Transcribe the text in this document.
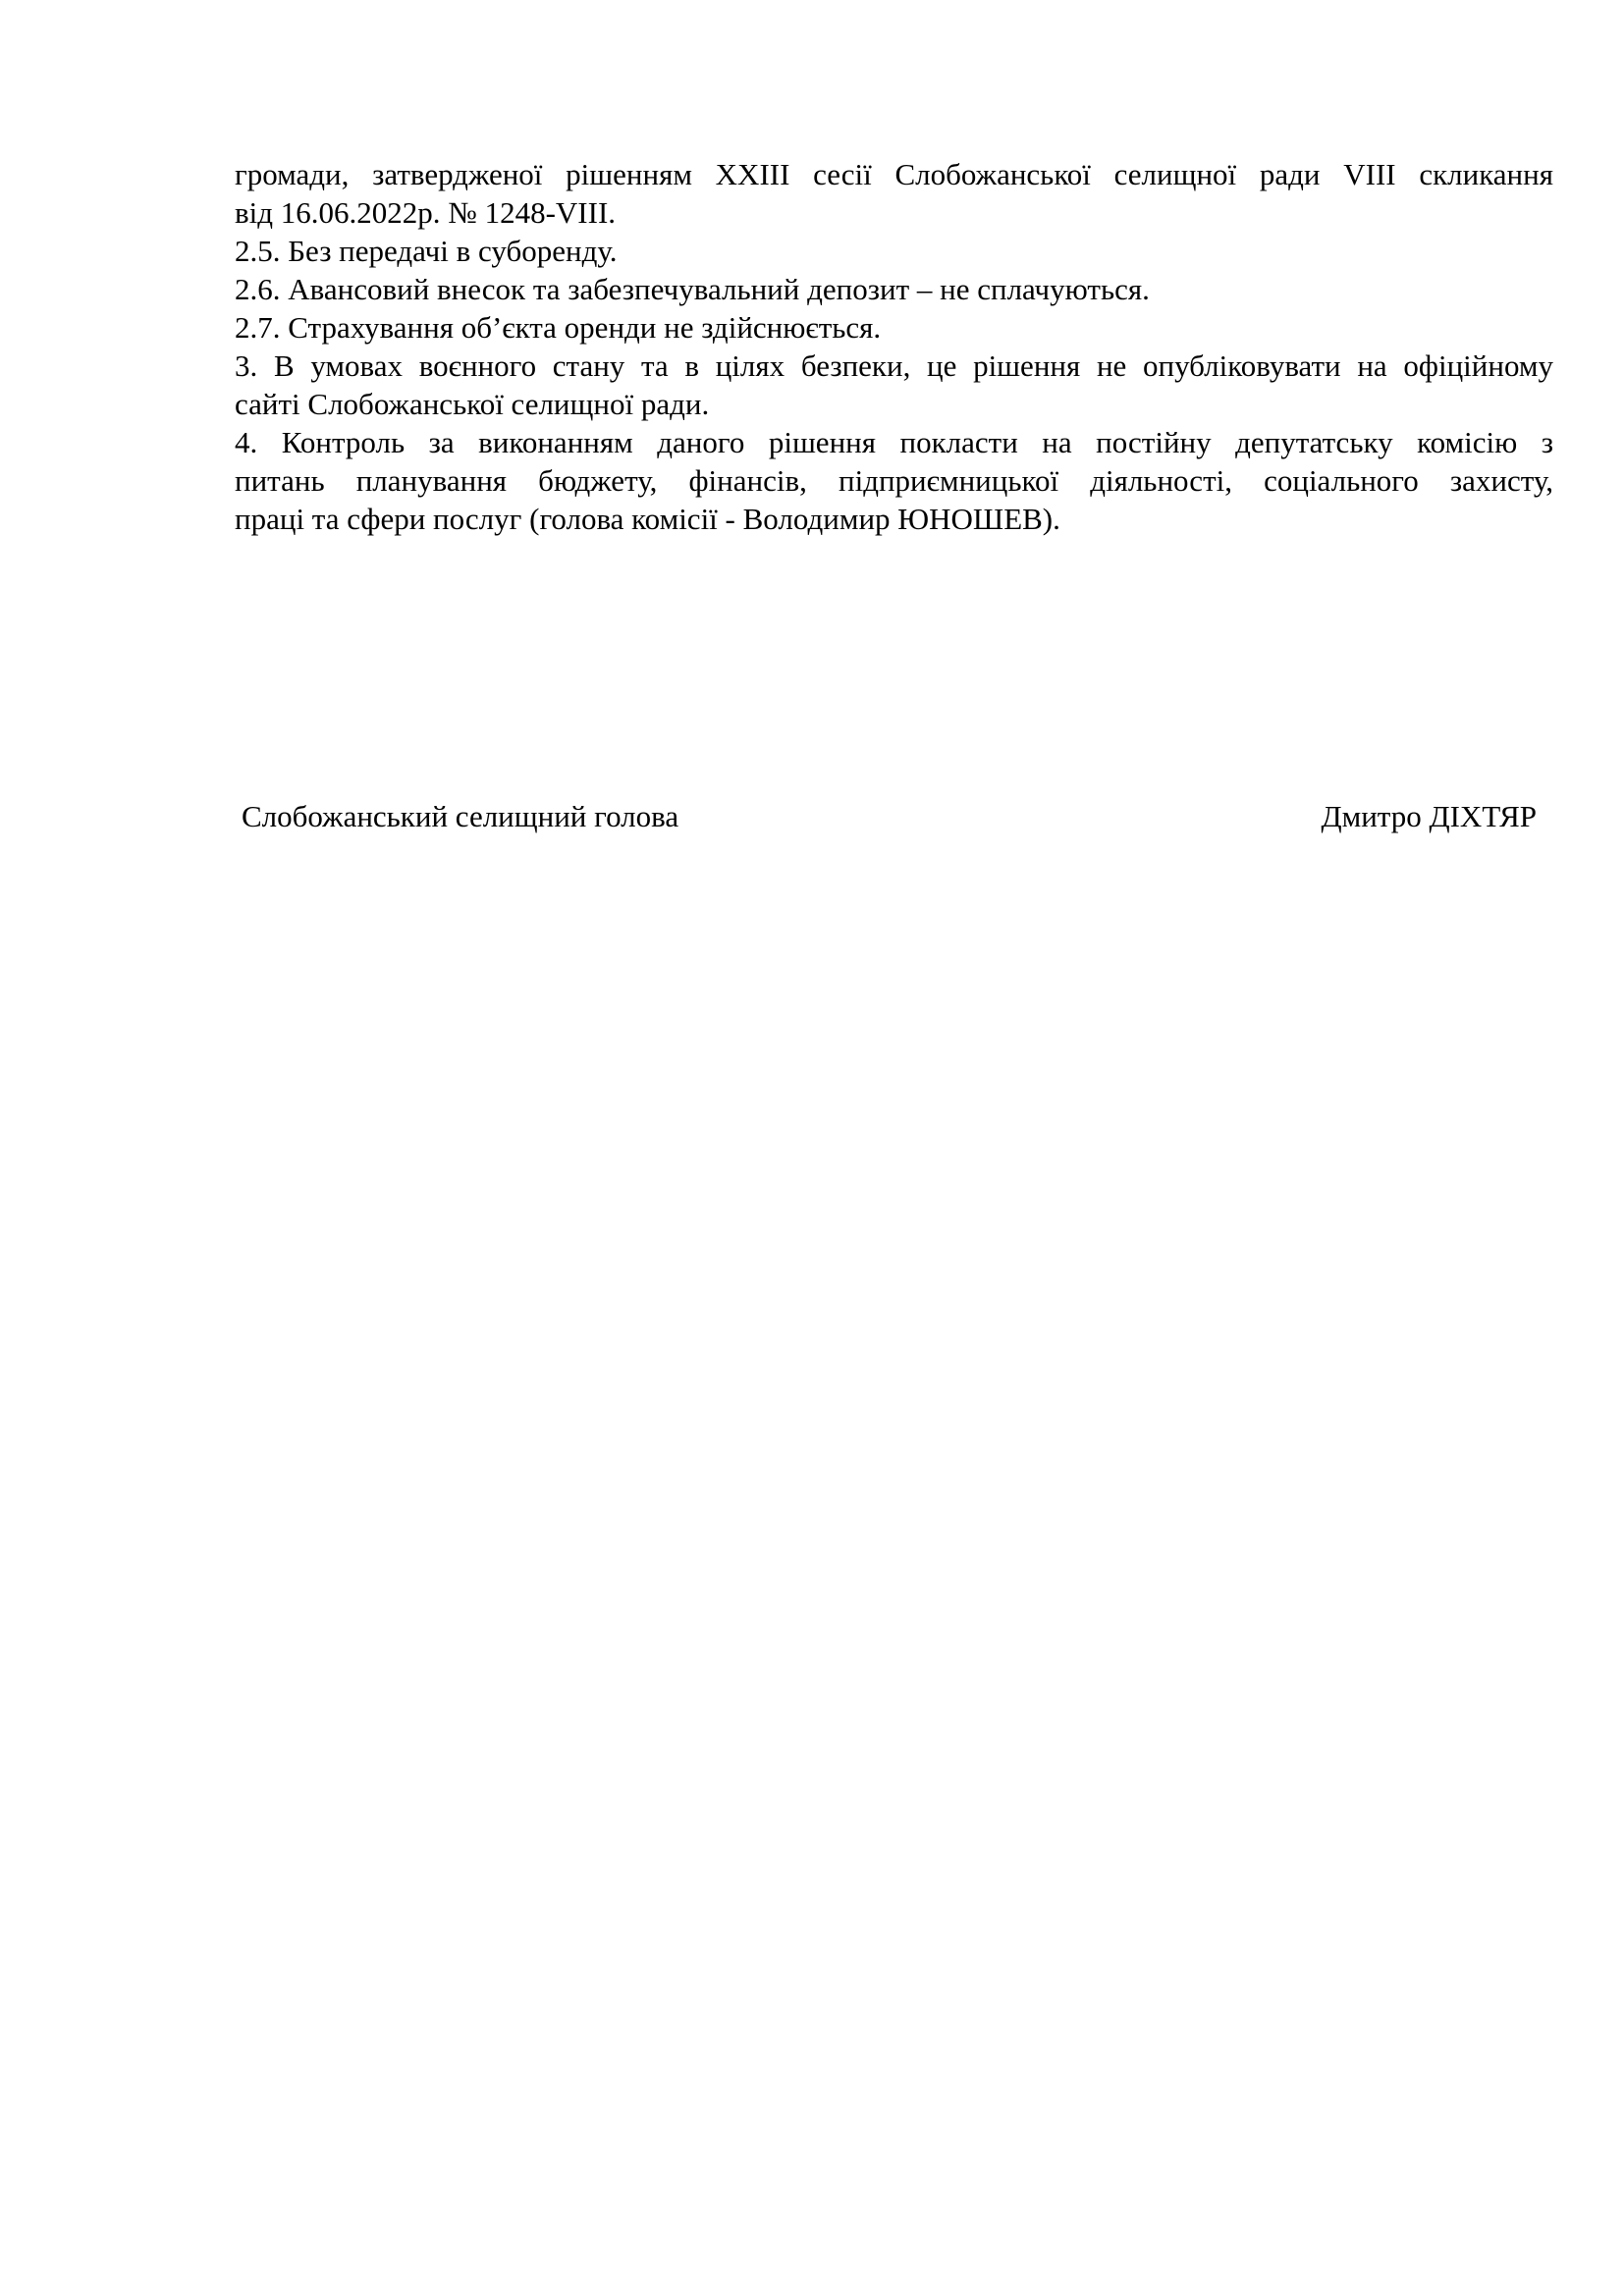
громади, затвердженої рішенням XXIII сесії Слобожанської селищної ради VIII скликання
від 16.06.2022р. № 1248-VIII.
2.5. Без передачі в суборенду.
2.6. Авансовий внесок та забезпечувальний депозит – не сплачуються.
2.7. Страхування об’єкта оренди не здійснюється.
3. В умовах воєнного стану та в цілях безпеки, це рішення не опубліковувати на офіційному
сайті Слобожанської селищної ради.
4. Контроль за виконанням даного рішення покласти на постійну депутатську комісію з
питань планування бюджету, фінансів, підприємницької діяльності, соціального захисту,
праці та сфери послуг (голова комісії - Володимир ЮНОШЕВ).
Слобожанський селищний голова	Дмитро ДІХТЯР
